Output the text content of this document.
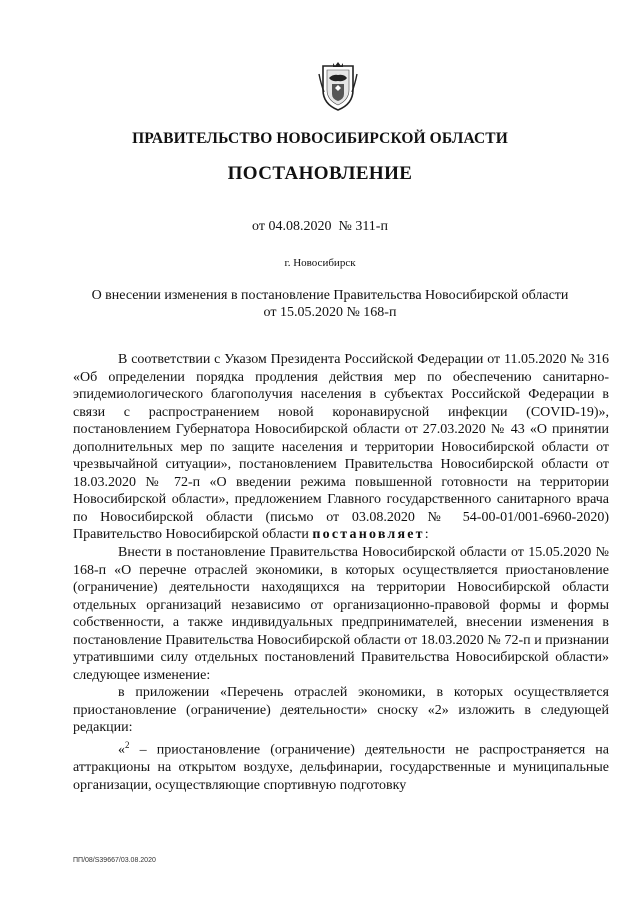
ПРАВИТЕЛЬСТВО НОВОСИБИРСКОЙ ОБЛАСТИ
ПОСТАНОВЛЕНИЕ
от 04.08.2020  № 311-п
г. Новосибирск
О внесении изменения в постановление Правительства Новосибирской области
от 15.05.2020 № 168-п

В соответствии с Указом Президента Российской Федерации от 11.05.2020 № 316 «Об определении порядка продления действия мер по обеспечению санитарно-эпидемиологического благополучия населения в субъектах Российской Федерации в связи с распространением новой коронавирусной инфекции (COVID-19)», постановлением Губернатора Новосибирской области от 27.03.2020 № 43 «О принятии дополнительных мер по защите населения и территории Новосибирской области от чрезвычайной ситуации», постановлением Правительства Новосибирской области от 18.03.2020 № 72-п «О введении режима повышенной готовности на территории Новосибирской области», предложением Главного государственного санитарного врача по Новосибирской области (письмо от 03.08.2020 № 54-00-01/001-6960-2020) Правительство Новосибирской области постановляет:

Внести в постановление Правительства Новосибирской области от 15.05.2020 № 168-п «О перечне отраслей экономики, в которых осуществляется приостановление (ограничение) деятельности находящихся на территории Новосибирской области отдельных организаций независимо от организационно-правовой формы и формы собственности, а также индивидуальных предпринимателей, внесении изменения в постановление Правительства Новосибирской области от 18.03.2020 № 72-п и признании утратившими силу отдельных постановлений Правительства Новосибирской области» следующее изменение:

в приложении «Перечень отраслей экономики, в которых осуществляется приостановление (ограничение) деятельности» сноску «2» изложить в следующей редакции:

«$^2$ – приостановление (ограничение) деятельности не распространяется на аттракционы на открытом воздухе, дельфинарии, государственные и муниципальные организации, осуществляющие спортивную подготовку

ПП/08/S39667/03.08.2020
